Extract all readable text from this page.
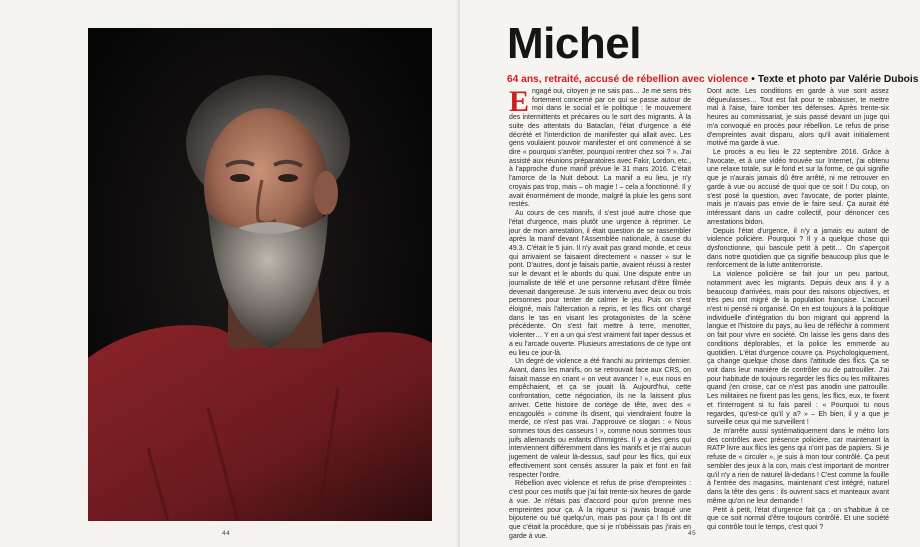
44
Michel
64 ans, retraité, accusé de rébellion avec violence • Texte et photo par Valérie Dubois

Engagé oui, citoyen je ne sais pas… Je me sens très fortement concerné par ce qui se passe autour de moi dans le social et le politique : le mouvement des intermittents et précaires ou le sort des migrants. À la suite des attentats du Bataclan, l'état d'urgence a été décrété et l'interdiction de manifester qui allait avec. Les gens voulaient pouvoir manifester et ont commencé à se dire « pourquoi s'arrêter, pourquoi rentrer chez soi ? ». J'ai assisté aux réunions préparatoires avec Fakir, Lordon, etc., à l'approche d'une manif prévue le 31 mars 2016. C'était l'amorce de la Nuit debout. La manif a eu lieu, je n'y croyais pas trop, mais – oh magie ! – cela a fonctionné. Il y avait énormément de monde, malgré la pluie les gens sont restés.

Au cours de ces manifs, il s'est joué autre chose que l'état d'urgence, mais plutôt une urgence à réprimer. Le jour de mon arrestation, il était question de se rassembler après la manif devant l'Assemblée nationale, à cause du 49.3. C'était le 5 juin. Il n'y avait pas grand monde, et ceux qui arrivaient se faisaient directement « nasser » sur le pont. D'autres, dont je faisais partie, avaient réussi à rester sur le devant et le abords du quai. Une dispute entre un journaliste de télé et une personne refusant d'être filmée devenait dangereuse. Je suis intervenu avec deux ou trois personnes pour tenter de calmer le jeu. Puis on s'est éloigné, mais l'altercation a repris, et les flics ont chargé dans le tas en visant les protagonistes de la scène précédente. On s'est fait mettre à terre, menotter, violenter… Y en a un qui s'est vraiment fait taper dessus et a eu l'arcade ouverte. Plusieurs arrestations de ce type ont eu lieu ce jour-là.

Un degré de violence a été franchi au printemps dernier. Avant, dans les manifs, on se retrouvait face aux CRS, on faisait masse en criant « on veut avancer ! », eux nous en empêchaient, et ça se jouait là. Aujourd'hui, cette confrontation, cette négociation, ils ne la laissent plus arriver. Cette histoire de cortège de tête, avec des « encagoulés » comme ils disent, qui viendraient foutre la merde, ce n'est pas vrai. J'approuve ce slogan : « Nous sommes tous des casseurs ! », comme nous sommes tous juifs allemands ou enfants d'immigrés. Il y a des gens qui interviennent différemment dans les manifs et je n'ai aucun jugement de valeur là-dessus, sauf pour les flics, qui eux effectivement sont censés assurer la paix et font en fait respecter l'ordre.

Rébellion avec violence et refus de prise d'empreintes : c'est pour ces motifs que j'ai fait trente-six heures de garde à vue. Je n'étais pas d'accord pour qu'on prenne mes empreintes pour ça. À la rigueur si j'avais braqué une bijouterie ou tué quelqu'un, mais pas pour ça ! Ils ont dit que c'était la procédure, que si je n'obéissais pas j'irais en garde à vue.

Dont acte. Les conditions en garde à vue sont assez dégueulasses… Tout est fait pour te rabaisser, te mettre mal à l'aise, faire tomber tes défenses. Après trente-six heures au commissariat, je suis passé devant un juge qui m'a convoqué en procès pour rébellion. Le refus de prise d'empreintes avait disparu, alors qu'il avait initialement motivé ma garde à vue.

Le procès a eu lieu le 22 septembre 2016. Grâce à l'avocate, et à une vidéo trouvée sur Internet, j'ai obtenu une relaxe totale, sur le fond et sur la forme, ce qui signifie que je n'aurais jamais dû être arrêté, ni me retrouver en garde à vue ou accusé de quoi que ce soit ! Du coup, on s'est posé la question, avec l'avocate, de porter plainte, mais je n'avais pas envie de le faire seul. Ça aurait été intéressant dans un cadre collectif, pour dénoncer ces arrestations bidon.

Depuis l'état d'urgence, il n'y a jamais eu autant de violence policière. Pourquoi ? Il y a quelque chose qui dysfonctionne, qui bascule petit à petit… On s'aperçoit dans notre quotidien que ça signifie beaucoup plus que le renforcement de la lutte antiterroriste.

La violence policière se fait jour un peu partout, notamment avec les migrants. Depuis deux ans il y a beaucoup d'arrivées, mais pour des raisons objectives, et très peu ont migré de la population française. L'accueil n'est ni pensé ni organisé. On en est toujours à la politique individuelle d'intégration du bon migrant qui apprend la langue et l'histoire du pays, au lieu de réfléchir à comment on fait pour vivre en société. On laisse les gens dans des conditions déplorables, et la police les emmerde au quotidien. L'état d'urgence couvre ça. Psychologiquement, ça change quelque chose dans l'attitude des flics. Ça se voit dans leur manière de contrôler ou de patrouiller. J'ai pour habitude de toujours regarder les flics ou les militaires quand j'en croise, car ce n'est pas anodin une patrouille. Les militaires ne fixent pas les gens, les flics, eux, te fixent et t'interrogent si tu fais pareil : « Pourquoi tu nous regardes, qu'est-ce qu'il y a? » – Eh bien, il y a que je surveille ceux qui me surveillent !

Je m'arrête aussi systématiquement dans le métro lors des contrôles avec présence policière, car maintenant la RATP livre aux flics les gens qui n'ont pas de papiers. Si je refuse de « circuler », je suis à mon tour contrôlé. Ça peut sembler des jeux à la con, mais c'est important de montrer qu'il n'y a rien de naturel là-dedans ! C'est comme la fouille à l'entrée des magasins, maintenant c'est intégré, naturel dans la tête des gens : ils ouvrent sacs et manteaux avant même qu'on ne leur demande !

Petit à petit, l'état d'urgence fait ça : on s'habitue à ce que ce soit normal d'être toujours contrôlé. Et une société qui contrôle tout le temps, c'est quoi ?

45
